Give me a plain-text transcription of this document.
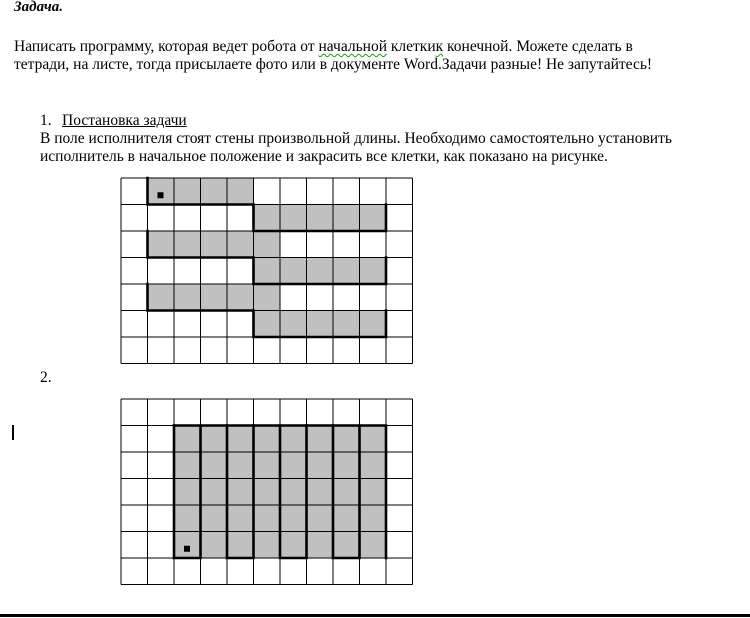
Задача.
Написать программу, которая ведет робота от начальной клеткик конечной. Можете сделать в
тетради, на листе, тогда присылаете фото или в документе Word.Задачи разные! Не запутайтесь!
1. Постановка задачи
В поле исполнителя стоят стены произвольной длины. Необходимо самостоятельно установить
исполнитель в начальное положение и закрасить все клетки, как показано на рисунке.
2.
